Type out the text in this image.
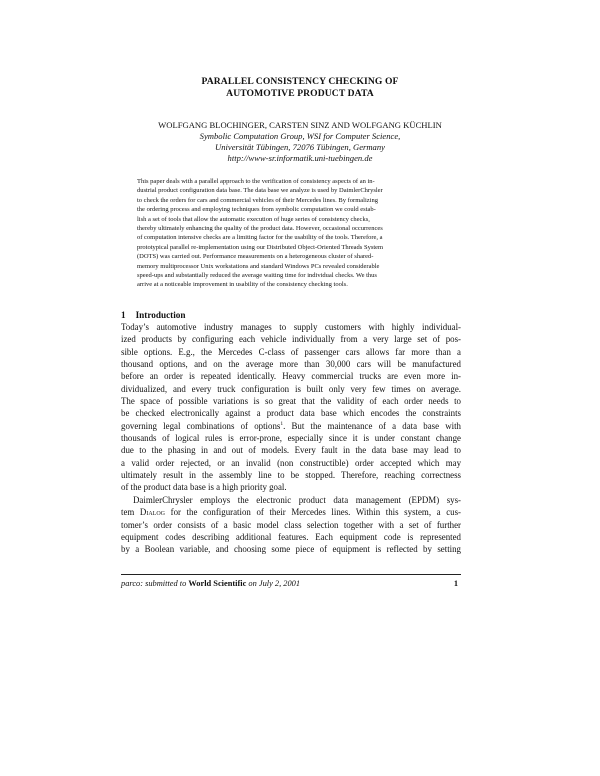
PARALLEL CONSISTENCY CHECKING OF
AUTOMOTIVE PRODUCT DATA
WOLFGANG BLOCHINGER, CARSTEN SINZ AND WOLFGANG KÜCHLIN
Symbolic Computation Group, WSI for Computer Science,
Universität Tübingen, 72076 Tübingen, Germany
http://www-sr.informatik.uni-tuebingen.de
This paper deals with a parallel approach to the verification of consistency aspects of an in-
dustrial product configuration data base. The data base we analyze is used by DaimlerChrysler
to check the orders for cars and commercial vehicles of their Mercedes lines. By formalizing
the ordering process and employing techniques from symbolic computation we could estab-
lish a set of tools that allow the automatic execution of huge series of consistency checks,
thereby ultimately enhancing the quality of the product data. However, occasional occurrences
of computation intensive checks are a limiting factor for the usability of the tools. Therefore, a
prototypical parallel re-implementation using our Distributed Object-Oriented Threads System
(DOTS) was carried out. Performance measurements on a heterogeneous cluster of shared-
memory multiprocessor Unix workstations and standard Windows PCs revealed considerable
speed-ups and substantially reduced the average waiting time for individual checks. We thus
arrive at a noticeable improvement in usability of the consistency checking tools.
1 Introduction
Today’s automotive industry manages to supply customers with highly individual-
ized products by configuring each vehicle individually from a very large set of pos-
sible options. E.g., the Mercedes C-class of passenger cars allows far more than a
thousand options, and on the average more than 30,000 cars will be manufactured
before an order is repeated identically. Heavy commercial trucks are even more in-
dividualized, and every truck configuration is built only very few times on average.
The space of possible variations is so great that the validity of each order needs to
be checked electronically against a product data base which encodes the constraints
governing legal combinations of options$^1$. But the maintenance of a data base with
thousands of logical rules is error-prone, especially since it is under constant change
due to the phasing in and out of models. Every fault in the data base may lead to
a valid order rejected, or an invalid (non constructible) order accepted which may
ultimately result in the assembly line to be stopped. Therefore, reaching correctness
of the product data base is a high priority goal.
DaimlerChrysler employs the electronic product data management (EPDM) sys-
tem Dialog for the configuration of their Mercedes lines. Within this system, a cus-
tomer’s order consists of a basic model class selection together with a set of further
equipment codes describing additional features. Each equipment code is represented
by a Boolean variable, and choosing some piece of equipment is reflected by setting
parco: submitted to World Scientific on July 2, 2001	1
